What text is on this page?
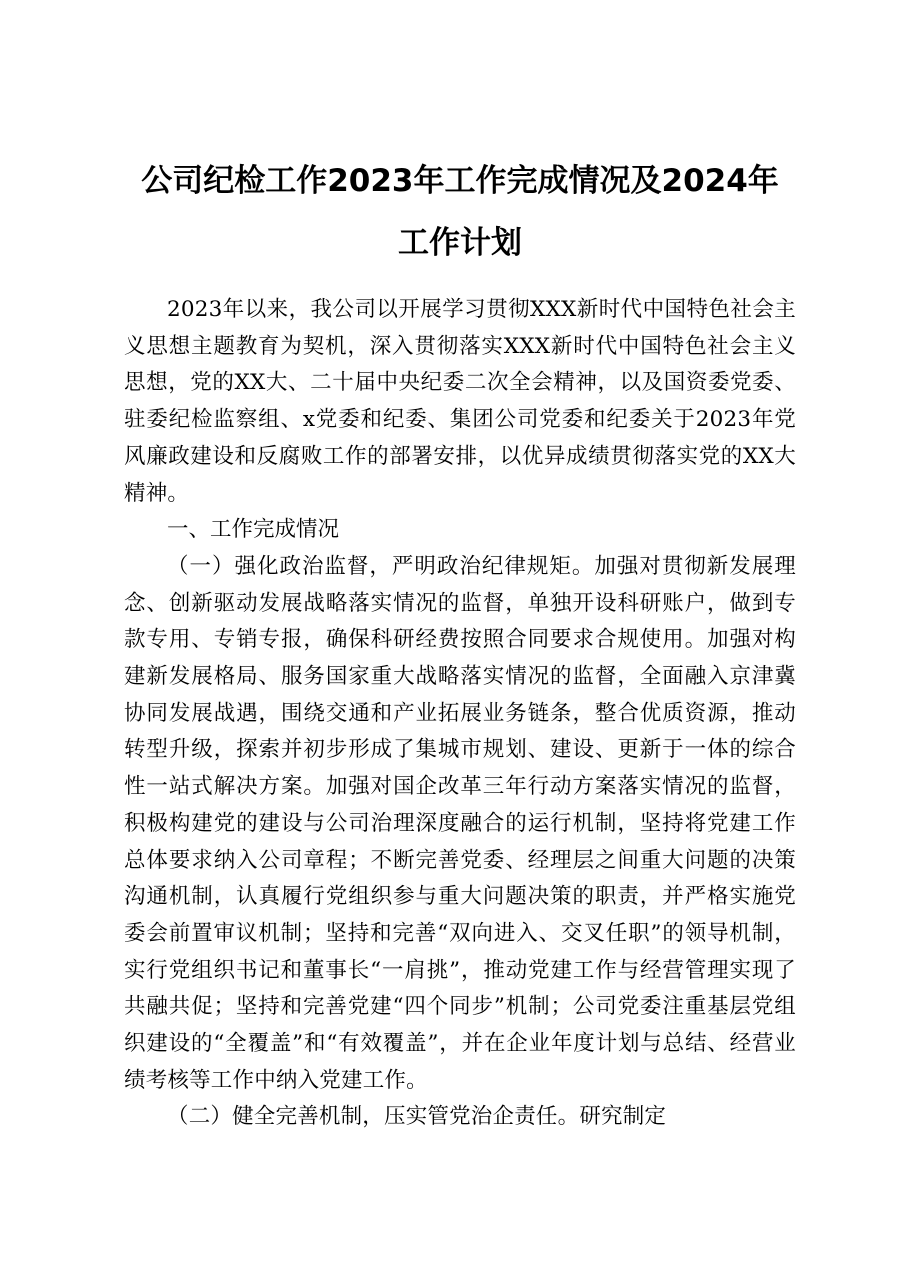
公司纪检工作2023年工作完成情况及2024年
工作计划

2023年以来，我公司以开展学习贯彻XXX新时代中国特色社会主义思想主题教育为契机，深入贯彻落实XXX新时代中国特色社会主义思想，党的XX大、二十届中央纪委二次全会精神，以及国资委党委、驻委纪检监察组、x党委和纪委、集团公司党委和纪委关于2023年党风廉政建设和反腐败工作的部署安排，以优异成绩贯彻落实党的XX大精神。

一、工作完成情况

（一）强化政治监督，严明政治纪律规矩。加强对贯彻新发展理念、创新驱动发展战略落实情况的监督，单独开设科研账户，做到专款专用、专销专报，确保科研经费按照合同要求合规使用。加强对构建新发展格局、服务国家重大战略落实情况的监督，全面融入京津冀协同发展战遇，围绕交通和产业拓展业务链条，整合优质资源，推动转型升级，探索并初步形成了集城市规划、建设、更新于一体的综合性一站式解决方案。加强对国企改革三年行动方案落实情况的监督，积极构建党的建设与公司治理深度融合的运行机制，坚持将党建工作总体要求纳入公司章程；不断完善党委、经理层之间重大问题的决策沟通机制，认真履行党组织参与重大问题决策的职责，并严格实施党委会前置审议机制；坚持和完善“双向进入、交叉任职”的领导机制，实行党组织书记和董事长“一肩挑”，推动党建工作与经营管理实现了共融共促；坚持和完善党建“四个同步”机制；公司党委注重基层党组织建设的“全覆盖”和“有效覆盖”，并在企业年度计划与总结、经营业绩考核等工作中纳入党建工作。

（二）健全完善机制，压实管党治企责任。研究制定
